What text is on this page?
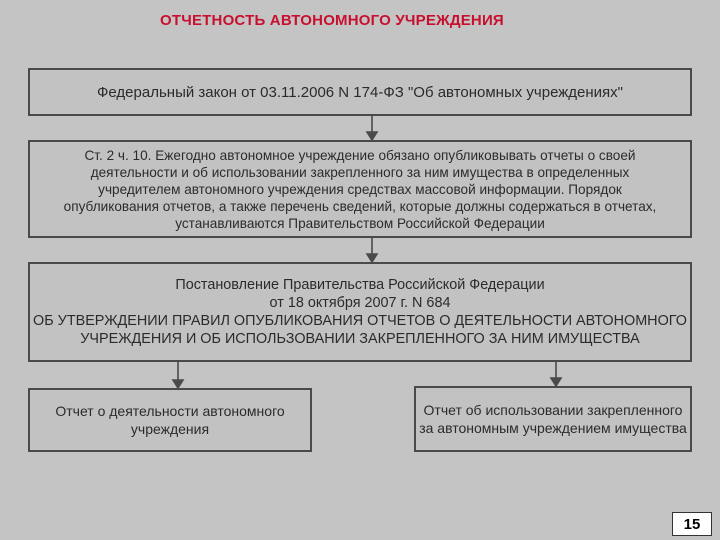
ОТЧЕТНОСТЬ АВТОНОМНОГО УЧРЕЖДЕНИЯ
Федеральный закон от 03.11.2006 N 174-ФЗ "Об автономных учреждениях"
Ст. 2 ч. 10. Ежегодно автономное учреждение обязано опубликовывать отчеты о своей деятельности и об использовании закрепленного за ним имущества в определенных учредителем автономного учреждения средствах массовой информации. Порядок опубликования отчетов, а также перечень сведений, которые должны содержаться в отчетах, устанавливаются Правительством Российской Федерации
Постановление Правительства Российской Федерации
от 18 октября 2007 г. N 684
ОБ УТВЕРЖДЕНИИ ПРАВИЛ ОПУБЛИКОВАНИЯ ОТЧЕТОВ О ДЕЯТЕЛЬНОСТИ АВТОНОМНОГО УЧРЕЖДЕНИЯ И ОБ ИСПОЛЬЗОВАНИИ ЗАКРЕПЛЕННОГО ЗА НИМ ИМУЩЕСТВА
Отчет о деятельности автономного учреждения
Отчет об использовании закрепленного за автономным учреждением имущества
15
